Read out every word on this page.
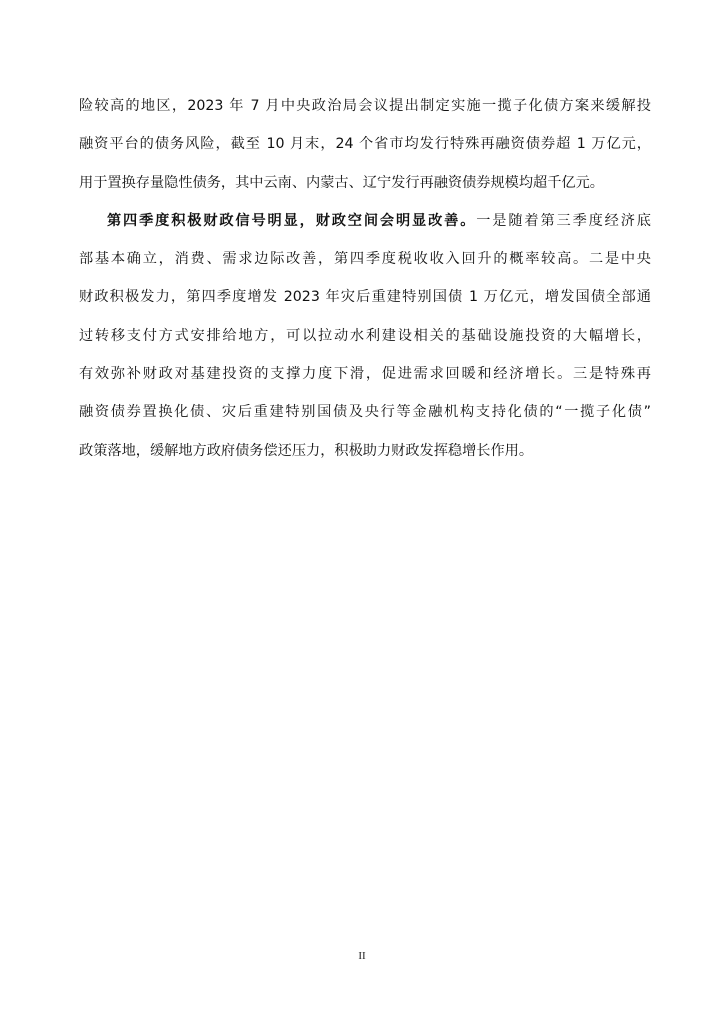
险较高的地区，2023 年 7 月中央政治局会议提出制定实施一揽子化债方案来缓解投
融资平台的债务风险，截至 10 月末，24 个省市均发行特殊再融资债券超 1 万亿元，
用于置换存量隐性债务，其中云南、内蒙古、辽宁发行再融资债券规模均超千亿元。
第四季度积极财政信号明显，财政空间会明显改善。一是随着第三季度经济底
部基本确立，消费、需求边际改善，第四季度税收收入回升的概率较高。二是中央
财政积极发力，第四季度增发 2023 年灾后重建特别国债 1 万亿元，增发国债全部通
过转移支付方式安排给地方，可以拉动水利建设相关的基础设施投资的大幅增长，
有效弥补财政对基建投资的支撑力度下滑，促进需求回暖和经济增长。三是特殊再
融资债券置换化债、灾后重建特别国债及央行等金融机构支持化债的“一揽子化债”
政策落地，缓解地方政府债务偿还压力，积极助力财政发挥稳增长作用。
II
